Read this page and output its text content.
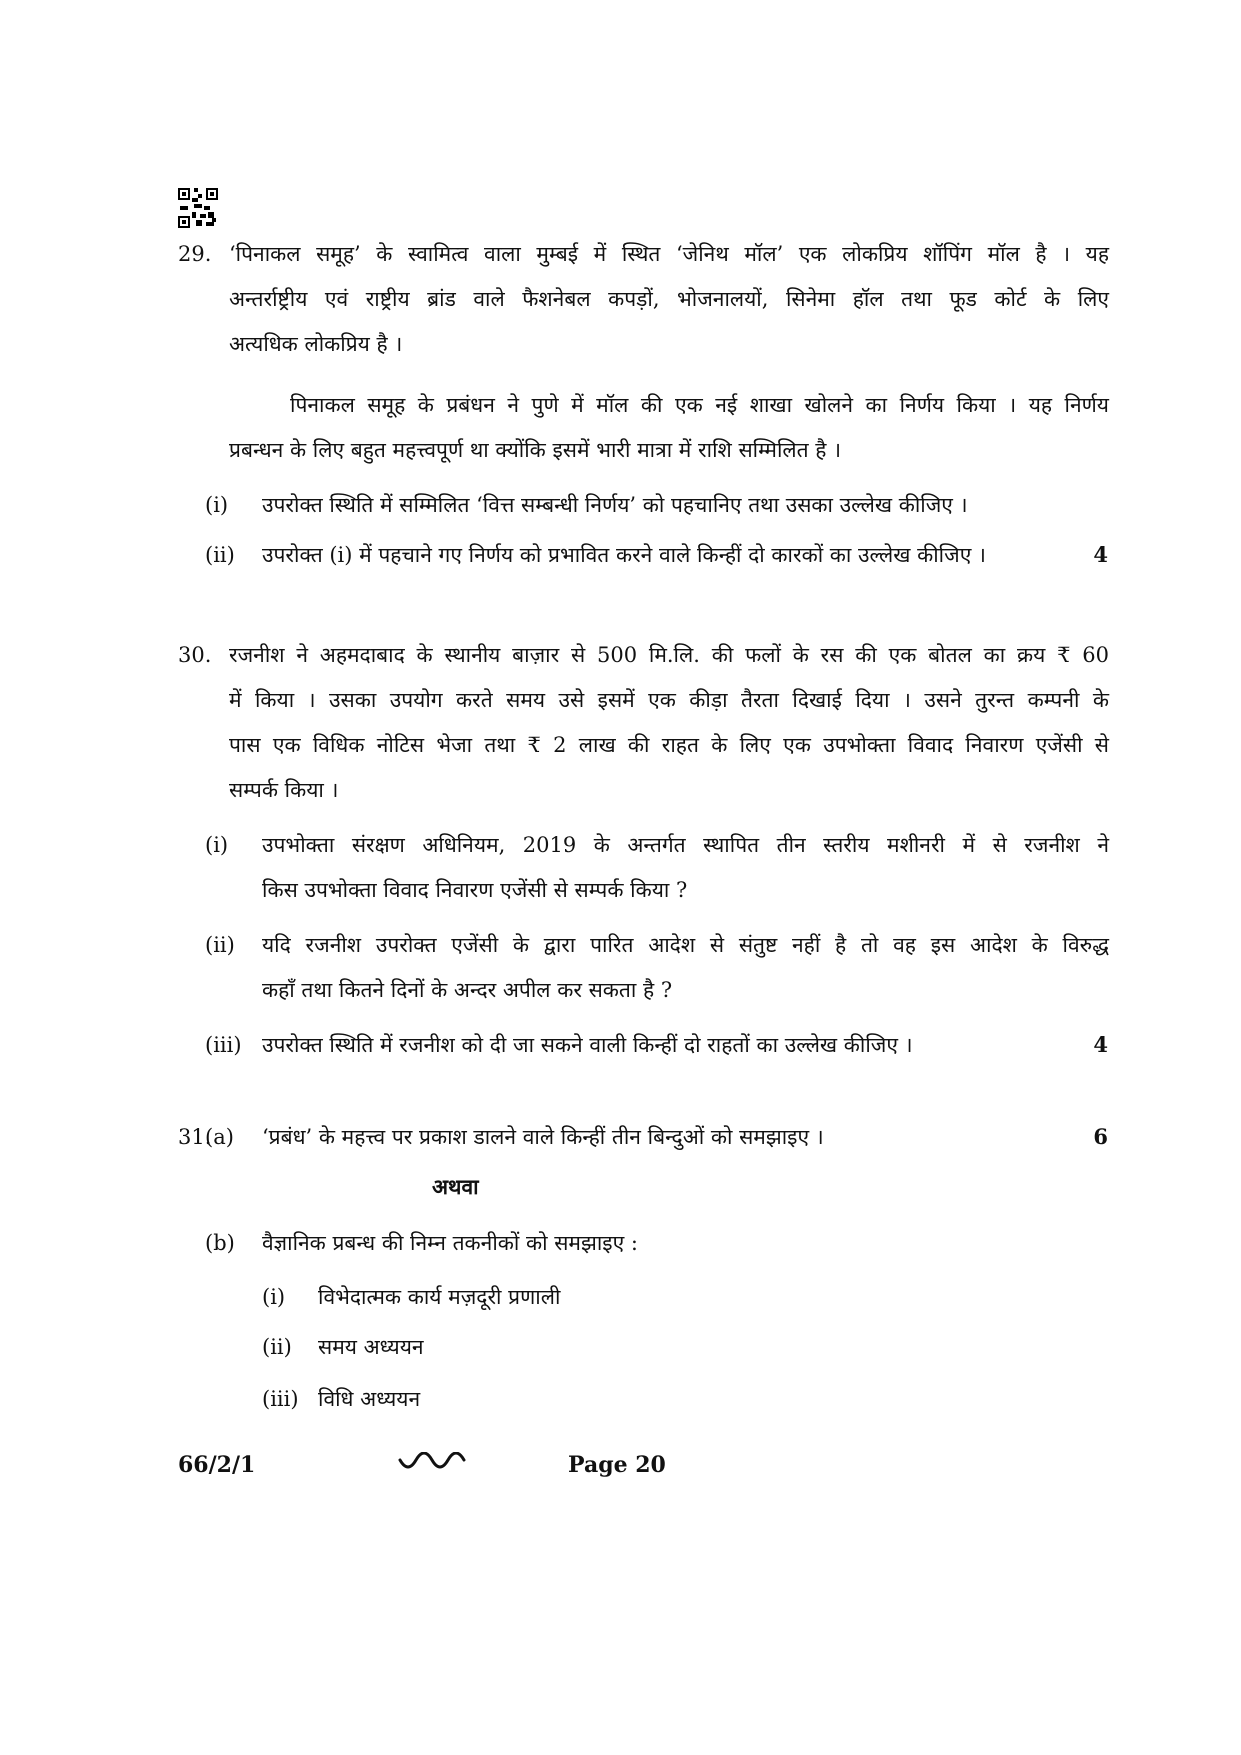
29. ‘पिनाकल समूह’ के स्वामित्व वाला मुम्बई में स्थित ‘जेनिथ मॉल’ एक लोकप्रिय शॉपिंग मॉल है । यह
अन्तर्राष्ट्रीय एवं राष्ट्रीय ब्रांड वाले फैशनेबल कपड़ों, भोजनालयों, सिनेमा हॉल तथा फूड कोर्ट के लिए
अत्यधिक लोकप्रिय है ।
पिनाकल समूह के प्रबंधन ने पुणे में मॉल की एक नई शाखा खोलने का निर्णय किया । यह निर्णय
प्रबन्धन के लिए बहुत महत्त्वपूर्ण था क्योंकि इसमें भारी मात्रा में राशि सम्मिलित है ।
(i) उपरोक्त स्थिति में सम्मिलित ‘वित्त सम्बन्धी निर्णय’ को पहचानिए तथा उसका उल्लेख कीजिए ।
(ii) उपरोक्त (i) में पहचाने गए निर्णय को प्रभावित करने वाले किन्हीं दो कारकों का उल्लेख कीजिए ।	4
30. रजनीश ने अहमदाबाद के स्थानीय बाज़ार से 500 मि.लि. की फलों के रस की एक बोतल का क्रय ₹ 60
में किया । उसका उपयोग करते समय उसे इसमें एक कीड़ा तैरता दिखाई दिया । उसने तुरन्त कम्पनी के
पास एक विधिक नोटिस भेजा तथा ₹ 2 लाख की राहत के लिए एक उपभोक्ता विवाद निवारण एजेंसी से
सम्पर्क किया ।
(i) उपभोक्ता संरक्षण अधिनियम, 2019 के अन्तर्गत स्थापित तीन स्तरीय मशीनरी में से रजनीश ने
किस उपभोक्ता विवाद निवारण एजेंसी से सम्पर्क किया ?
(ii) यदि रजनीश उपरोक्त एजेंसी के द्वारा पारित आदेश से संतुष्ट नहीं है तो वह इस आदेश के विरुद्ध
कहाँ तथा कितने दिनों के अन्दर अपील कर सकता है ?
(iii) उपरोक्त स्थिति में रजनीश को दी जा सकने वाली किन्हीं दो राहतों का उल्लेख कीजिए ।	4
31.
(a) ‘प्रबंध’ के महत्त्व पर प्रकाश डालने वाले किन्हीं तीन बिन्दुओं को समझाइए ।	6
अथवा
(b) वैज्ञानिक प्रबन्ध की निम्न तकनीकों को समझाइए :
(i) विभेदात्मक कार्य मज़दूरी प्रणाली
(ii) समय अध्ययन
(iii) विधि अध्ययन
66/2/1	Page 20
